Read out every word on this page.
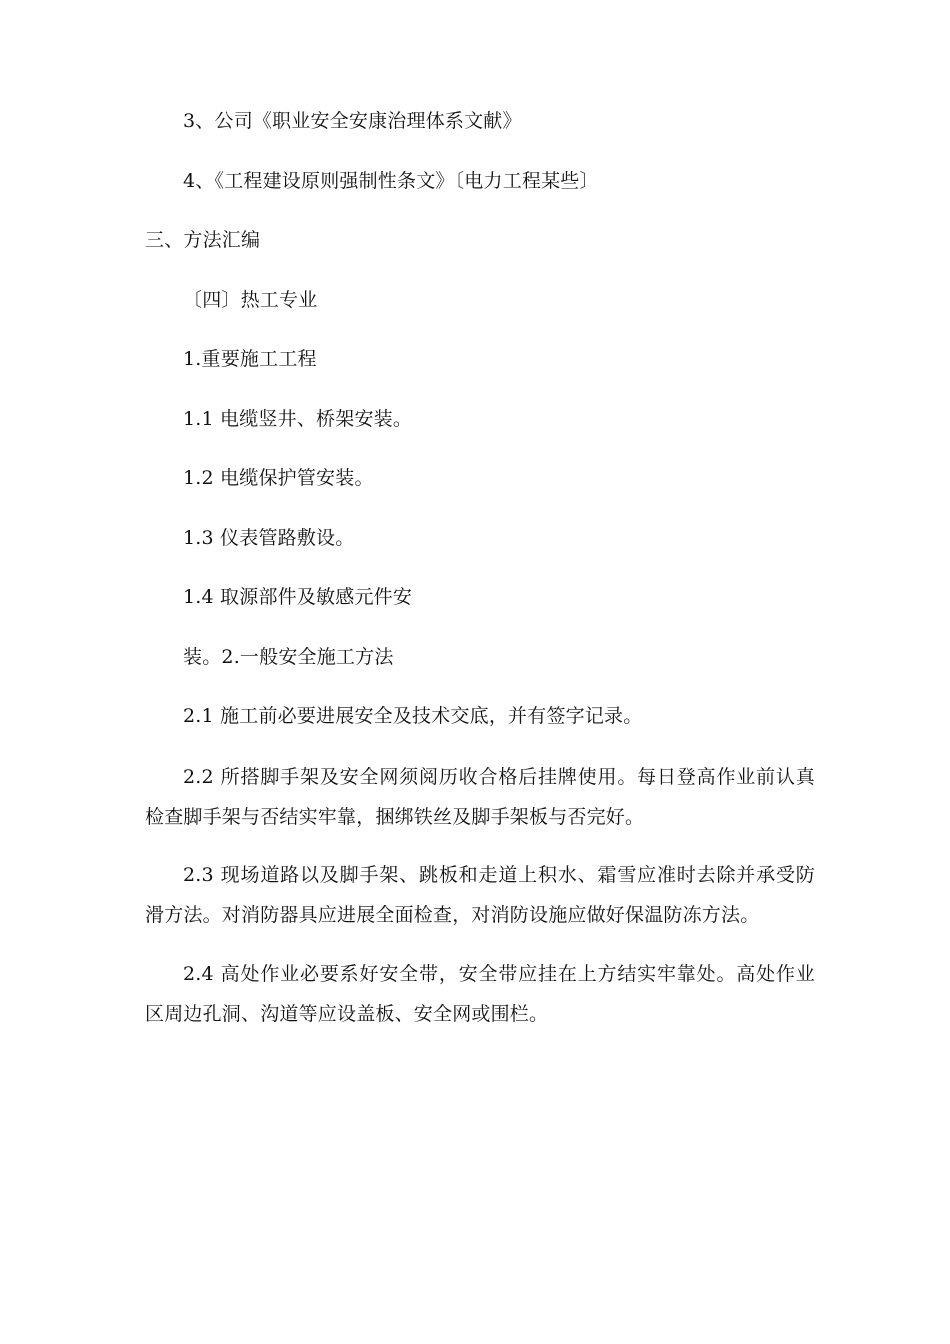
3、公司《职业安全安康治理体系文献》
4、《工程建设原则强制性条文》〔电力工程某些〕
三、方法汇编
〔四〕热工专业
1.重要施工工程
1.1 电缆竖井、桥架安装。
1.2 电缆保护管安装。
1.3 仪表管路敷设。
1.4 取源部件及敏感元件安
装。2.一般安全施工方法
2.1 施工前必要进展安全及技术交底，并有签字记录。
2.2 所搭脚手架及安全网须阅历收合格后挂牌使用。每日登高作业前认真检查脚手架与否结实牢靠，捆绑铁丝及脚手架板与否完好。
2.3 现场道路以及脚手架、跳板和走道上积水、霜雪应准时去除并承受防滑方法。对消防器具应进展全面检查，对消防设施应做好保温防冻方法。
2.4 高处作业必要系好安全带，安全带应挂在上方结实牢靠处。高处作业区周边孔洞、沟道等应设盖板、安全网或围栏。
